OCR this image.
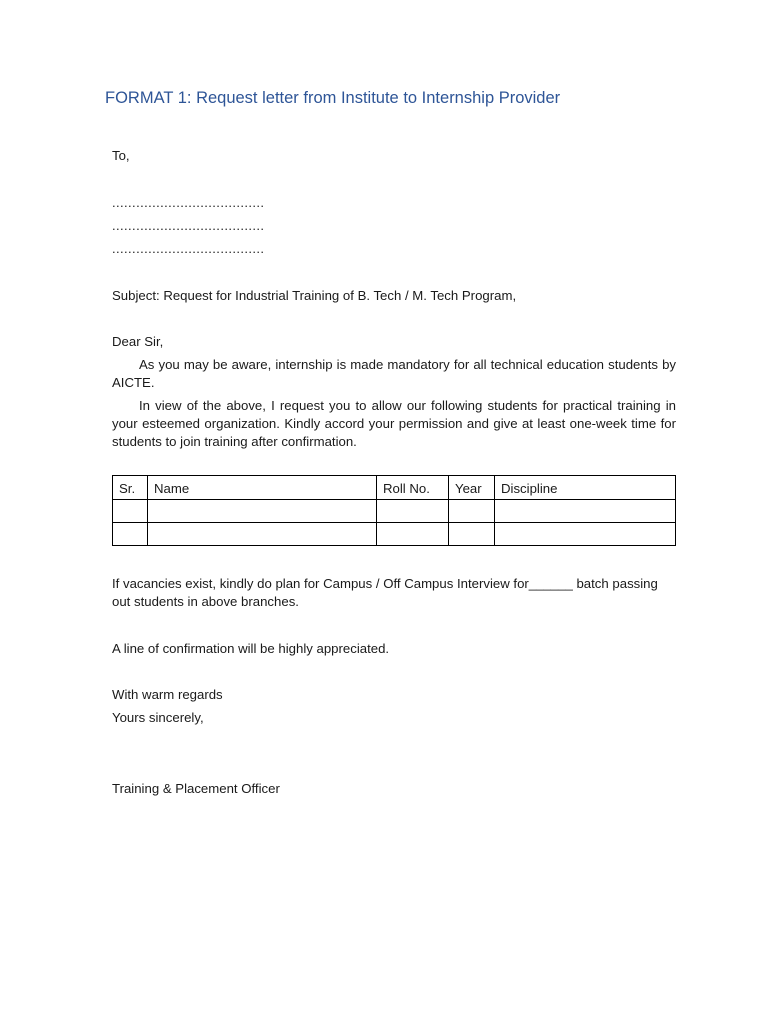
FORMAT 1: Request letter from Institute to Internship Provider
To,
......................................
......................................
......................................
Subject: Request for Industrial Training of B. Tech / M. Tech Program,
Dear Sir,
As you may be aware, internship is made mandatory for all technical education students by AICTE.
In view of the above, I request you to allow our following students for practical training in your esteemed organization. Kindly accord your permission and give at least one-week time for students to join training after confirmation.
Sr.	Name	Roll No.	Year	Discipline

If vacancies exist, kindly do plan for Campus / Off Campus Interview for______ batch passing out students in above branches.
A line of confirmation will be highly appreciated.
With warm regards
Yours sincerely,
Training & Placement Officer
